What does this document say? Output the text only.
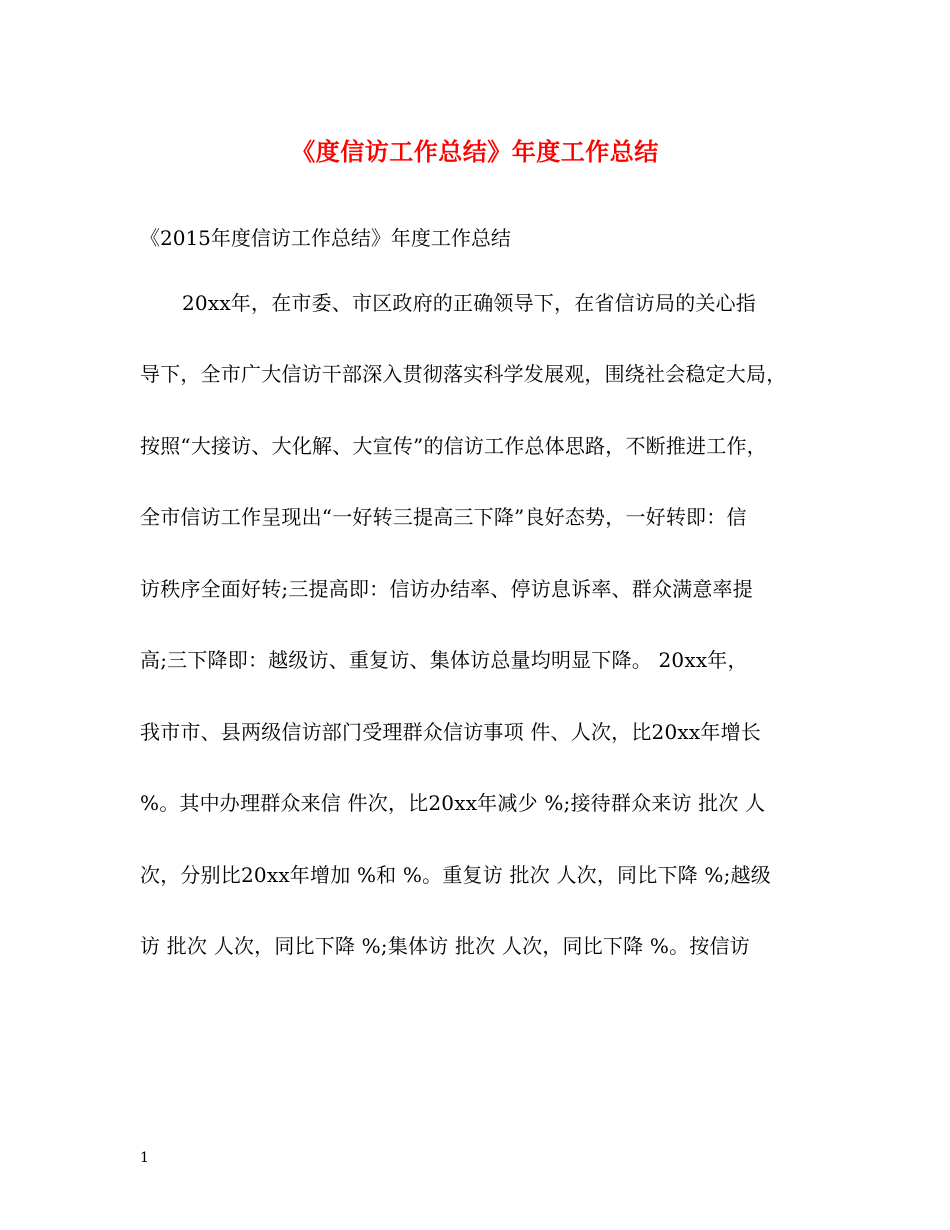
《度信访工作总结》年度工作总结
《2015年度信访工作总结》年度工作总结
20xx年，在市委、市区政府的正确领导下，在省信访局的关心指
导下，全市广大信访干部深入贯彻落实科学发展观，围绕社会稳定大局，
按照“大接访、大化解、大宣传”的信访工作总体思路，不断推进工作，
全市信访工作呈现出“一好转三提高三下降”良好态势，一好转即：信
访秩序全面好转;三提高即：信访办结率、停访息诉率、群众满意率提
高;三下降即：越级访、重复访、集体访总量均明显下降。 20xx年，
我市市、县两级信访部门受理群众信访事项 件、人次，比20xx年增长
%。其中办理群众来信 件次，比20xx年减少 %;接待群众来访 批次 人
次，分别比20xx年增加 %和 %。重复访 批次 人次，同比下降 %;越级
访 批次 人次，同比下降 %;集体访 批次 人次，同比下降 %。按信访
1
